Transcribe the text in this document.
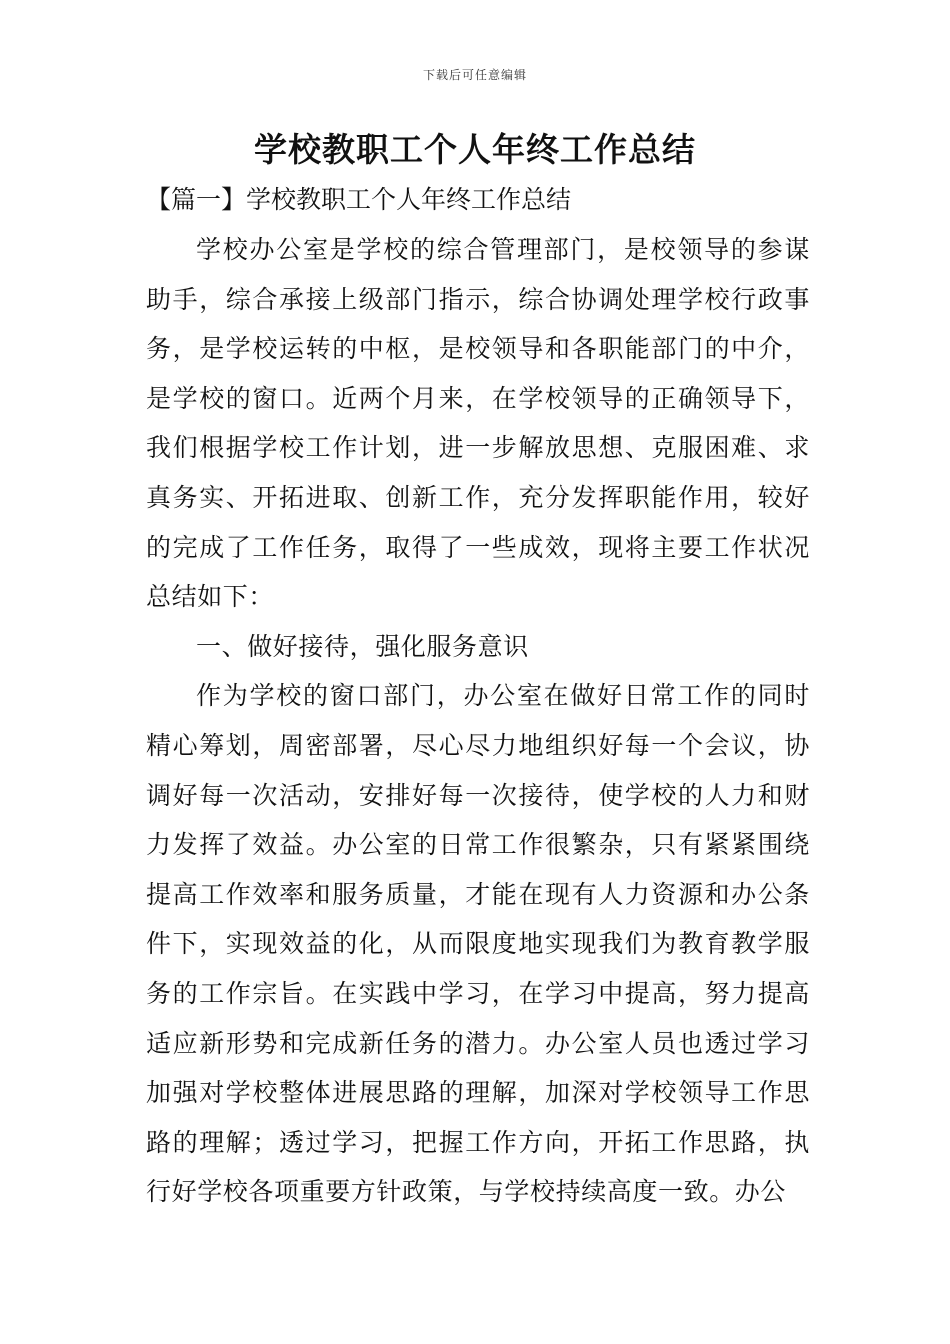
下载后可任意编辑
学校教职工个人年终工作总结
【篇一】学校教职工个人年终工作总结

学校办公室是学校的综合管理部门，是校领导的参谋助手，综合承接上级部门指示，综合协调处理学校行政事务，是学校运转的中枢，是校领导和各职能部门的中介，是学校的窗口。近两个月来，在学校领导的正确领导下，我们根据学校工作计划，进一步解放思想、克服困难、求真务实、开拓进取、创新工作，充分发挥职能作用，较好的完成了工作任务，取得了一些成效，现将主要工作状况总结如下：

一、做好接待，强化服务意识

作为学校的窗口部门，办公室在做好日常工作的同时精心筹划，周密部署，尽心尽力地组织好每一个会议，协调好每一次活动，安排好每一次接待，使学校的人力和财力发挥了效益。办公室的日常工作很繁杂，只有紧紧围绕提高工作效率和服务质量，才能在现有人力资源和办公条件下，实现效益的化，从而限度地实现我们为教育教学服务的工作宗旨。在实践中学习，在学习中提高，努力提高适应新形势和完成新任务的潜力。办公室人员也透过学习加强对学校整体进展思路的理解，加深对学校领导工作思路的理解；透过学习，把握工作方向，开拓工作思路，执行好学校各项重要方针政策，与学校持续高度一致。办公
